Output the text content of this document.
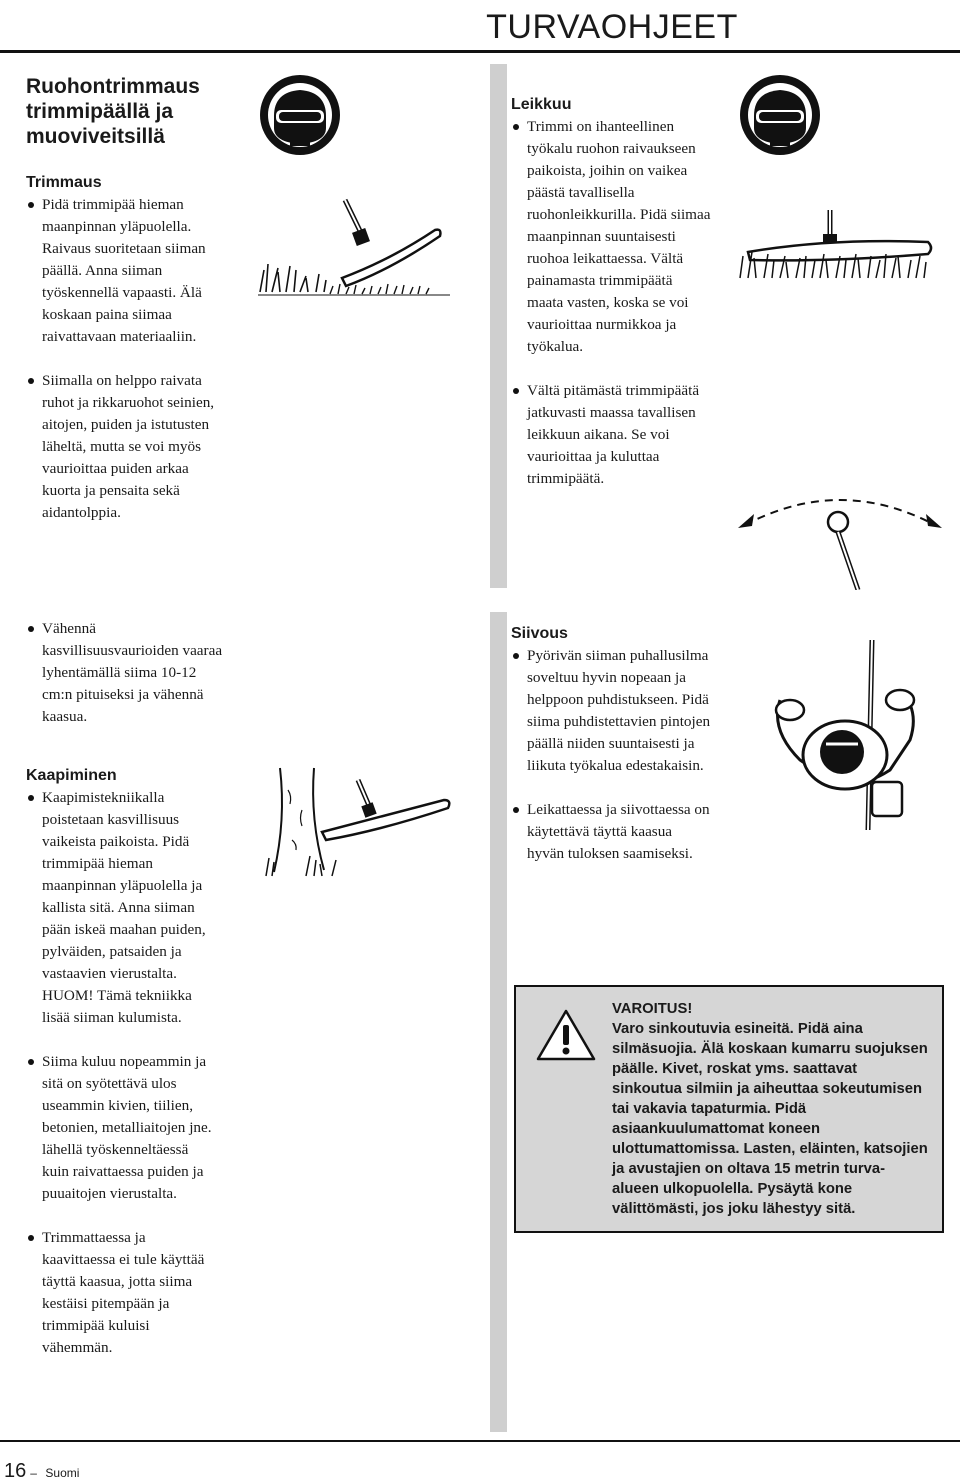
TURVAOHJEET
Ruohontrimmaus trimmipäällä ja muoviveitsillä
Trimmaus
Pidä trimmipää hieman maanpinnan yläpuolella. Raivaus suoritetaan siiman päällä. Anna siiman työskennellä vapaasti. Älä koskaan paina siimaa raivattavaan materiaaliin.
Siimalla on helppo raivata ruhot ja rikkaruohot seinien, aitojen, puiden ja istutusten läheltä, mutta se voi myös vaurioittaa puiden arkaa kuorta ja pensaita sekä aidantolppia.
Vähennä kasvillisuusvaurioiden vaaraa lyhentämällä siima 10-12 cm:n pituiseksi ja vähennä kaasua.
Kaapiminen
Kaapimistekniikalla poistetaan kasvillisuus vaikeista paikoista. Pidä trimmipää hieman maanpinnan yläpuolella ja kallista sitä. Anna siiman pään iskeä maahan puiden, pylväiden, patsaiden ja vastaavien vierustalta. HUOM! Tämä tekniikka lisää siiman kulumista.
Siima kuluu nopeammin ja sitä on syötettävä ulos useammin kivien, tiilien, betonien, metalliaitojen jne. lähellä työskenneltäessä kuin raivattaessa puiden ja puuaitojen vierustalta.
Trimmattaessa ja kaavittaessa ei tule käyttää täyttä kaasua, jotta siima kestäisi pitempään ja trimmipää kuluisi vähemmän.
Leikkuu
Trimmi on ihanteellinen työkalu ruohon raivaukseen paikoista, joihin on vaikea päästä tavallisella ruohonleikkurilla. Pidä siimaa maanpinnan suuntaisesti ruohoa leikattaessa. Vältä painamasta trimmipäätä maata vasten, koska se voi vaurioittaa nurmikkoa ja työkalua.
Vältä pitämästä trimmipäätä jatkuvasti maassa tavallisen leikkuun aikana. Se voi vaurioittaa ja kuluttaa trimmipäätä.
Siivous
Pyörivän siiman puhallusilma soveltuu hyvin nopeaan ja helppoon puhdistukseen. Pidä siima puhdistettavien pintojen päällä niiden suuntaisesti ja liikuta työkalua edestakaisin.
Leikattaessa ja siivottaessa on käytettävä täyttä kaasua hyvän tuloksen saamiseksi.
VAROITUS!
Varo sinkoutuvia esineitä. Pidä aina silmäsuojia. Älä koskaan kumarru suojuksen päälle. Kivet, roskat yms. saattavat sinkoutua silmiin ja aiheuttaa sokeutumisen tai vakavia tapaturmia. Pidä asiaankuulumattomat koneen ulottumattomissa. Lasten, eläinten, katsojien ja avustajien on oltava 15 metrin turva-alueen ulkopuolella. Pysäytä kone välittömästi, jos joku lähestyy sitä.
16 – Suomi
